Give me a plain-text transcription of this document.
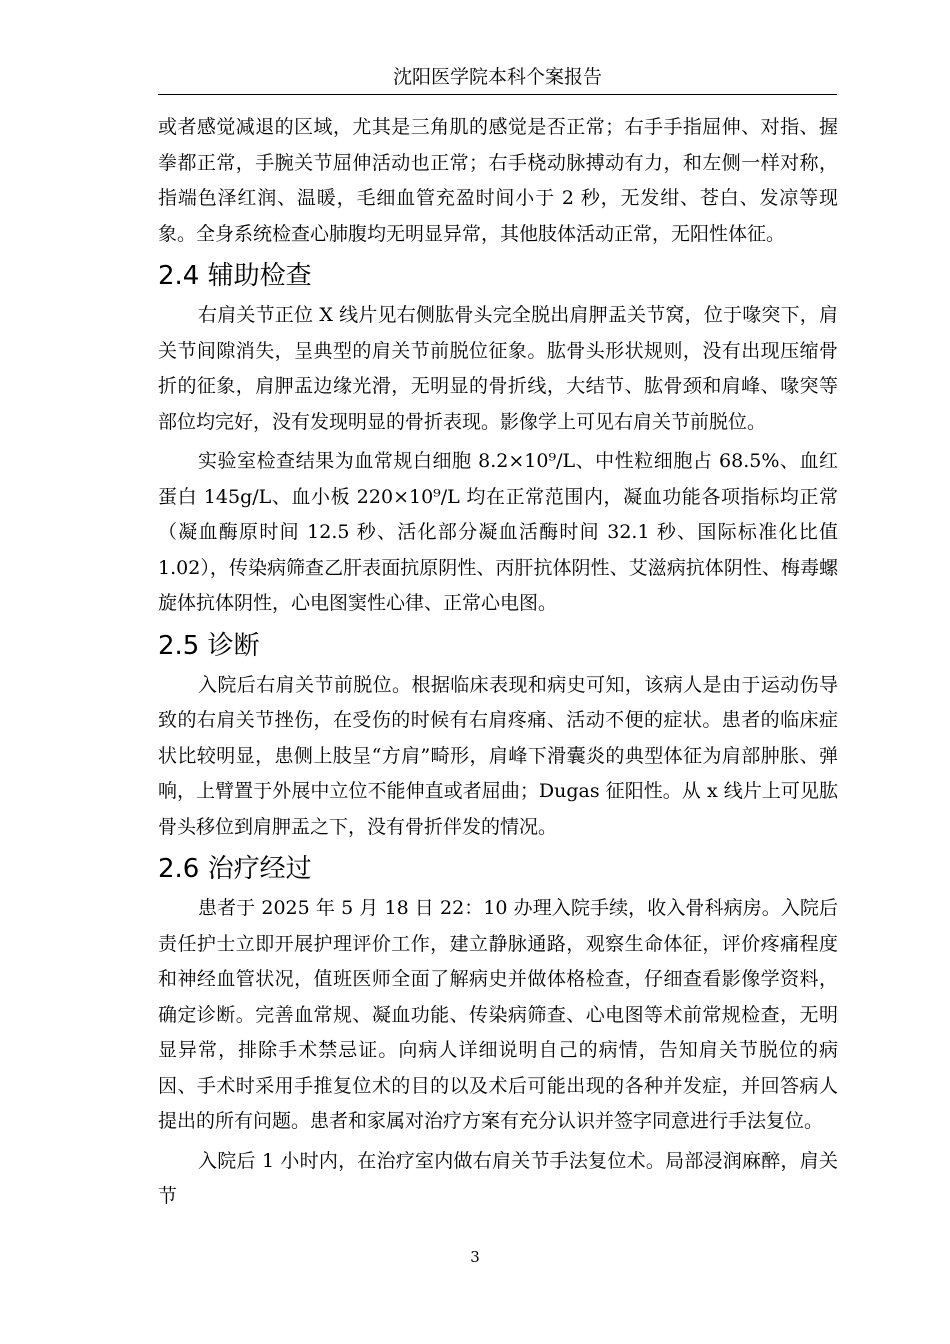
沈阳医学院本科个案报告

或者感觉减退的区域，尤其是三角肌的感觉是否正常；右手手指屈伸、对指、握拳都正常，手腕关节屈伸活动也正常；右手桡动脉搏动有力，和左侧一样对称，指端色泽红润、温暖，毛细血管充盈时间小于 2 秒，无发绀、苍白、发凉等现象。全身系统检查心肺腹均无明显异常，其他肢体活动正常，无阳性体征。

2.4 辅助检查

右肩关节正位 X 线片见右侧肱骨头完全脱出肩胛盂关节窝，位于喙突下，肩关节间隙消失，呈典型的肩关节前脱位征象。肱骨头形状规则，没有出现压缩骨折的征象，肩胛盂边缘光滑，无明显的骨折线，大结节、肱骨颈和肩峰、喙突等部位均完好，没有发现明显的骨折表现。影像学上可见右肩关节前脱位。

实验室检查结果为血常规白细胞 8.2×10⁹/L、中性粒细胞占 68.5%、血红蛋白 145g/L、血小板 220×10⁹/L 均在正常范围内，凝血功能各项指标均正常（凝血酶原时间 12.5 秒、活化部分凝血活酶时间 32.1 秒、国际标准化比值 1.02），传染病筛查乙肝表面抗原阴性、丙肝抗体阴性、艾滋病抗体阴性、梅毒螺旋体抗体阴性，心电图窦性心律、正常心电图。

2.5 诊断

入院后右肩关节前脱位。根据临床表现和病史可知，该病人是由于运动伤导致的右肩关节挫伤，在受伤的时候有右肩疼痛、活动不便的症状。患者的临床症状比较明显，患侧上肢呈“方肩”畸形，肩峰下滑囊炎的典型体征为肩部肿胀、弹响，上臂置于外展中立位不能伸直或者屈曲；Dugas 征阳性。从 x 线片上可见肱骨头移位到肩胛盂之下，没有骨折伴发的情况。

2.6 治疗经过

患者于 2025 年 5 月 18 日 22：10 办理入院手续，收入骨科病房。入院后责任护士立即开展护理评价工作，建立静脉通路，观察生命体征，评价疼痛程度和神经血管状况，值班医师全面了解病史并做体格检查，仔细查看影像学资料，确定诊断。完善血常规、凝血功能、传染病筛查、心电图等术前常规检查，无明显异常，排除手术禁忌证。向病人详细说明自己的病情，告知肩关节脱位的病因、手术时采用手推复位术的目的以及术后可能出现的各种并发症，并回答病人提出的所有问题。患者和家属对治疗方案有充分认识并签字同意进行手法复位。

入院后 1 小时内，在治疗室内做右肩关节手法复位术。局部浸润麻醉，肩关节

3
